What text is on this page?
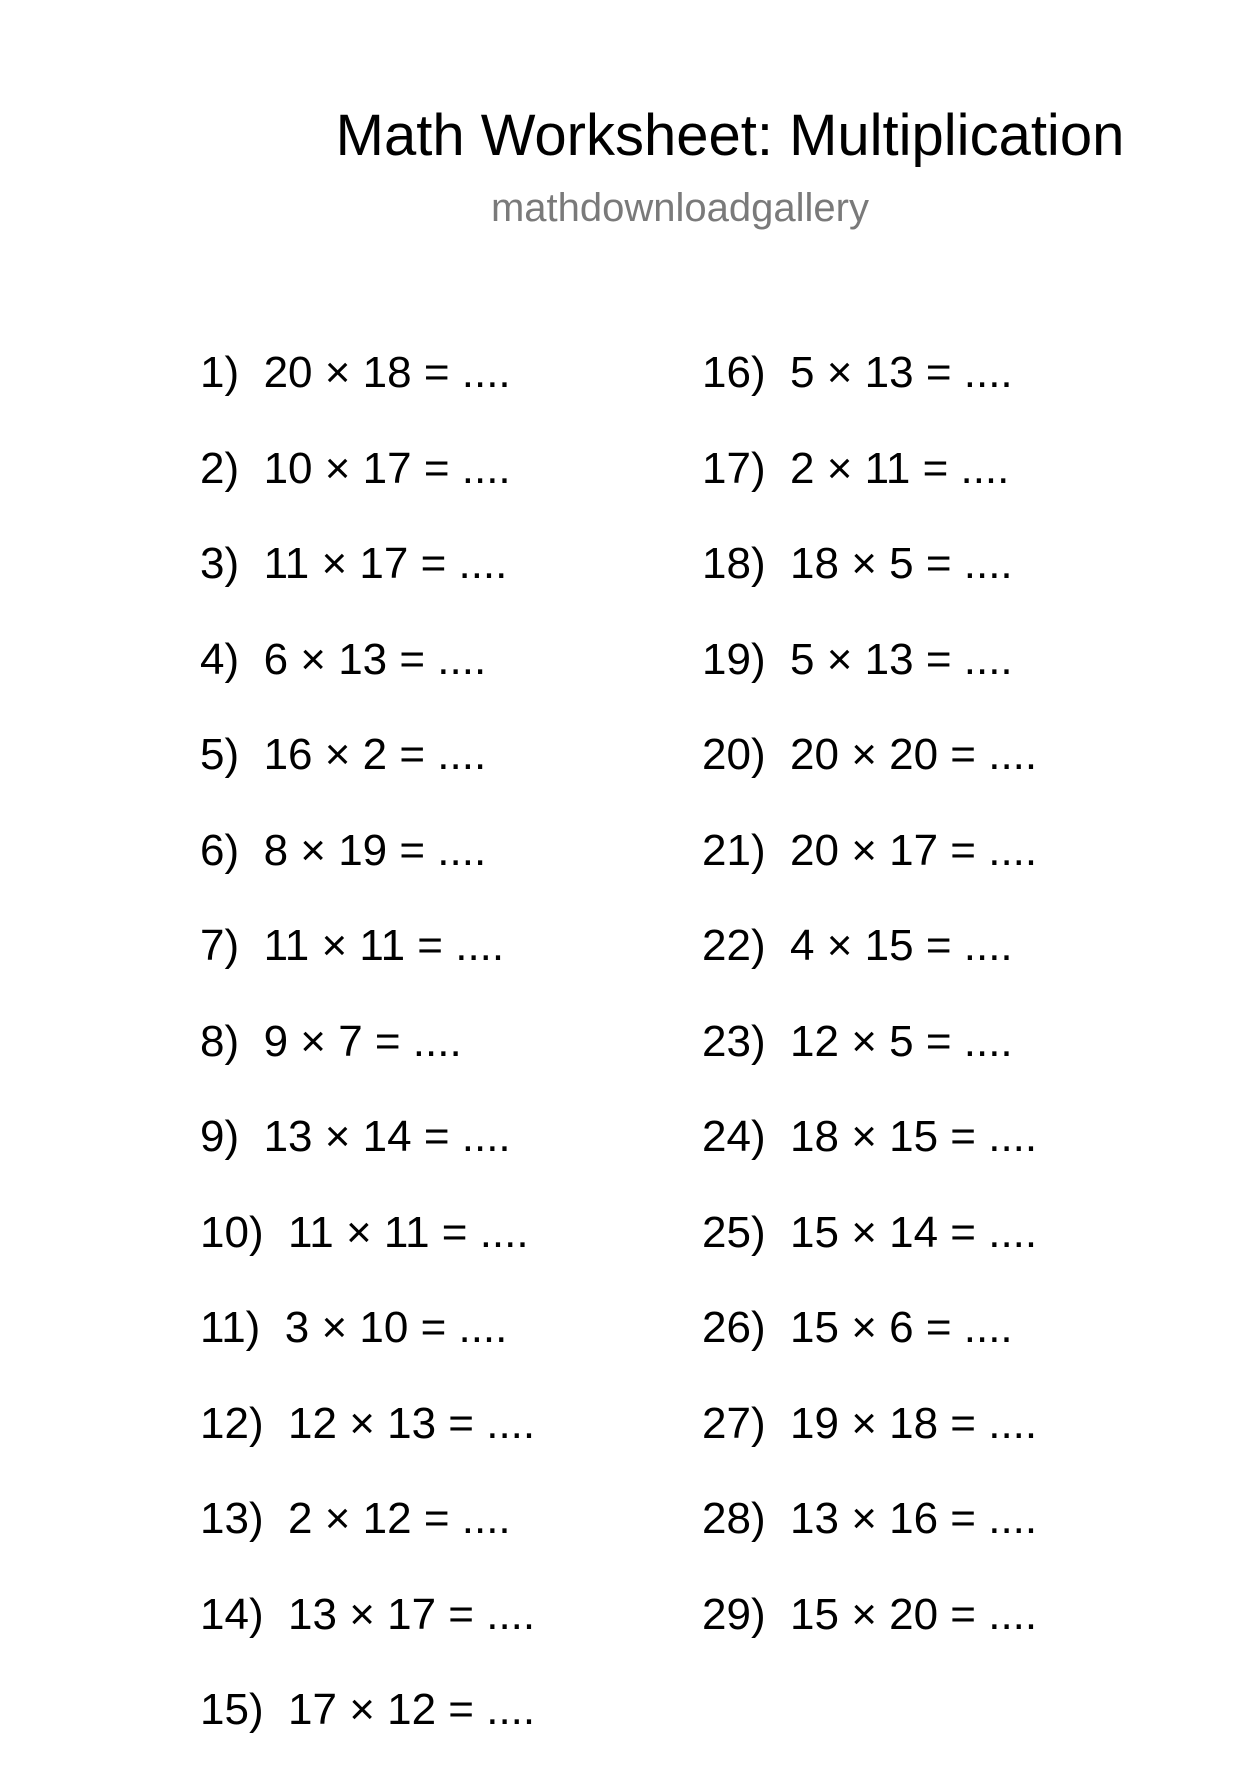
Math Worksheet: Multiplication
mathdownloadgallery
1) 20 × 18 = ....
2) 10 × 17 = ....
3) 11 × 17 = ....
4) 6 × 13 = ....
5) 16 × 2 = ....
6) 8 × 19 = ....
7) 11 × 11 = ....
8) 9 × 7 = ....
9) 13 × 14 = ....
10) 11 × 11 = ....
11) 3 × 10 = ....
12) 12 × 13 = ....
13) 2 × 12 = ....
14) 13 × 17 = ....
15) 17 × 12 = ....
16) 5 × 13 = ....
17) 2 × 11 = ....
18) 18 × 5 = ....
19) 5 × 13 = ....
20) 20 × 20 = ....
21) 20 × 17 = ....
22) 4 × 15 = ....
23) 12 × 5 = ....
24) 18 × 15 = ....
25) 15 × 14 = ....
26) 15 × 6 = ....
27) 19 × 18 = ....
28) 13 × 16 = ....
29) 15 × 20 = ....
